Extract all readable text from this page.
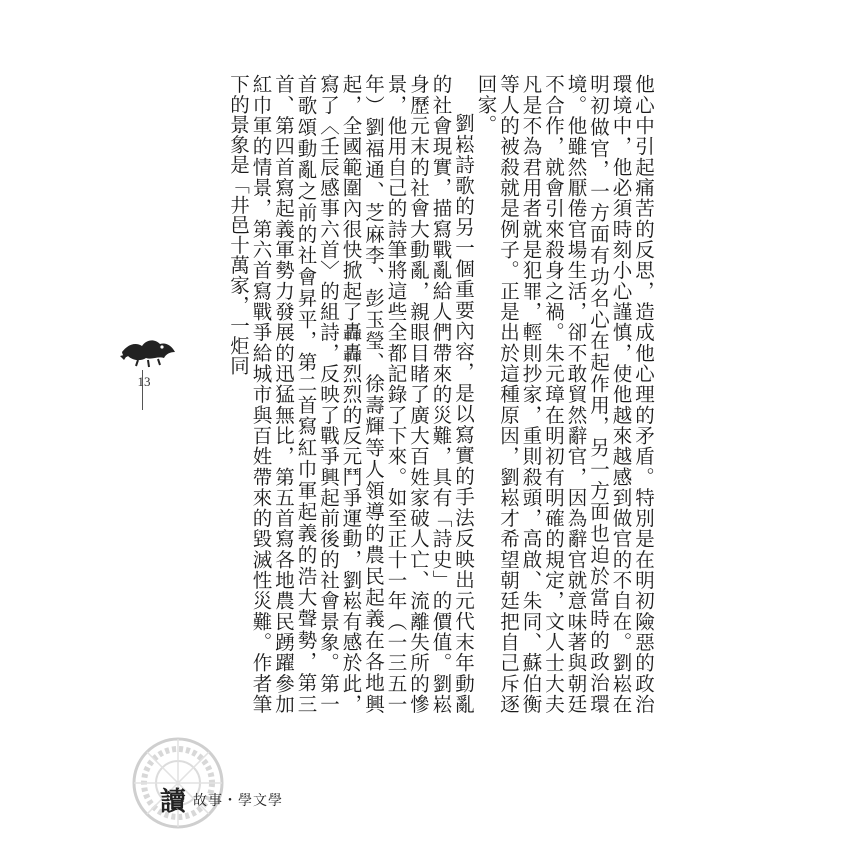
他心中引起痛苦的反思，造成他心理的矛盾。特別是在明初險惡的政治環境中，他必須時刻小心謹慎，使他越來越感到做官的不自在。劉崧在明初做官，一方面有功名心在起作用，另一方面也迫於當時的政治環境。他雖然厭倦官場生活，卻不敢貿然辭官，因為辭官就意味著與朝廷不合作，就會引來殺身之禍。朱元璋在明初有明確的規定，文人士大夫凡是不為君用者就是犯罪，輕則抄家，重則殺頭，高啟、朱同、蘇伯衡等人的被殺就是例子。正是出於這種原因，劉崧才希望朝廷把自己斥逐回家。

劉崧詩歌的另一個重要內容，是以寫實的手法反映出元代末年動亂的社會現實，描寫戰亂給人們帶來的災難，具有「詩史」的價值。劉崧身歷元末的社會大動亂，親眼目睹了廣大百姓家破人亡、流離失所的慘景，他用自己的詩筆將這些全都記錄了下來。如至正十一年（一三五一年）劉福通、芝麻李、彭玉瑩、徐壽輝等人領導的農民起義在各地興起，全國範圍內很快掀起了轟轟烈烈的反元鬥爭運動，劉崧有感於此，寫了〈壬辰感事六首〉的組詩，反映了戰爭興起前後的社會景象。第一首歌頌動亂之前的社會昇平，第二首寫紅巾軍起義的浩大聲勢，第三首、第四首寫起義軍勢力發展的迅猛無比，第五首寫各地農民踴躍參加紅巾軍的情景，第六首寫戰爭給城市與百姓帶來的毀滅性災難。作者筆下的景象是「井邑十萬家，一炬同

13
讀 故事・學文學
